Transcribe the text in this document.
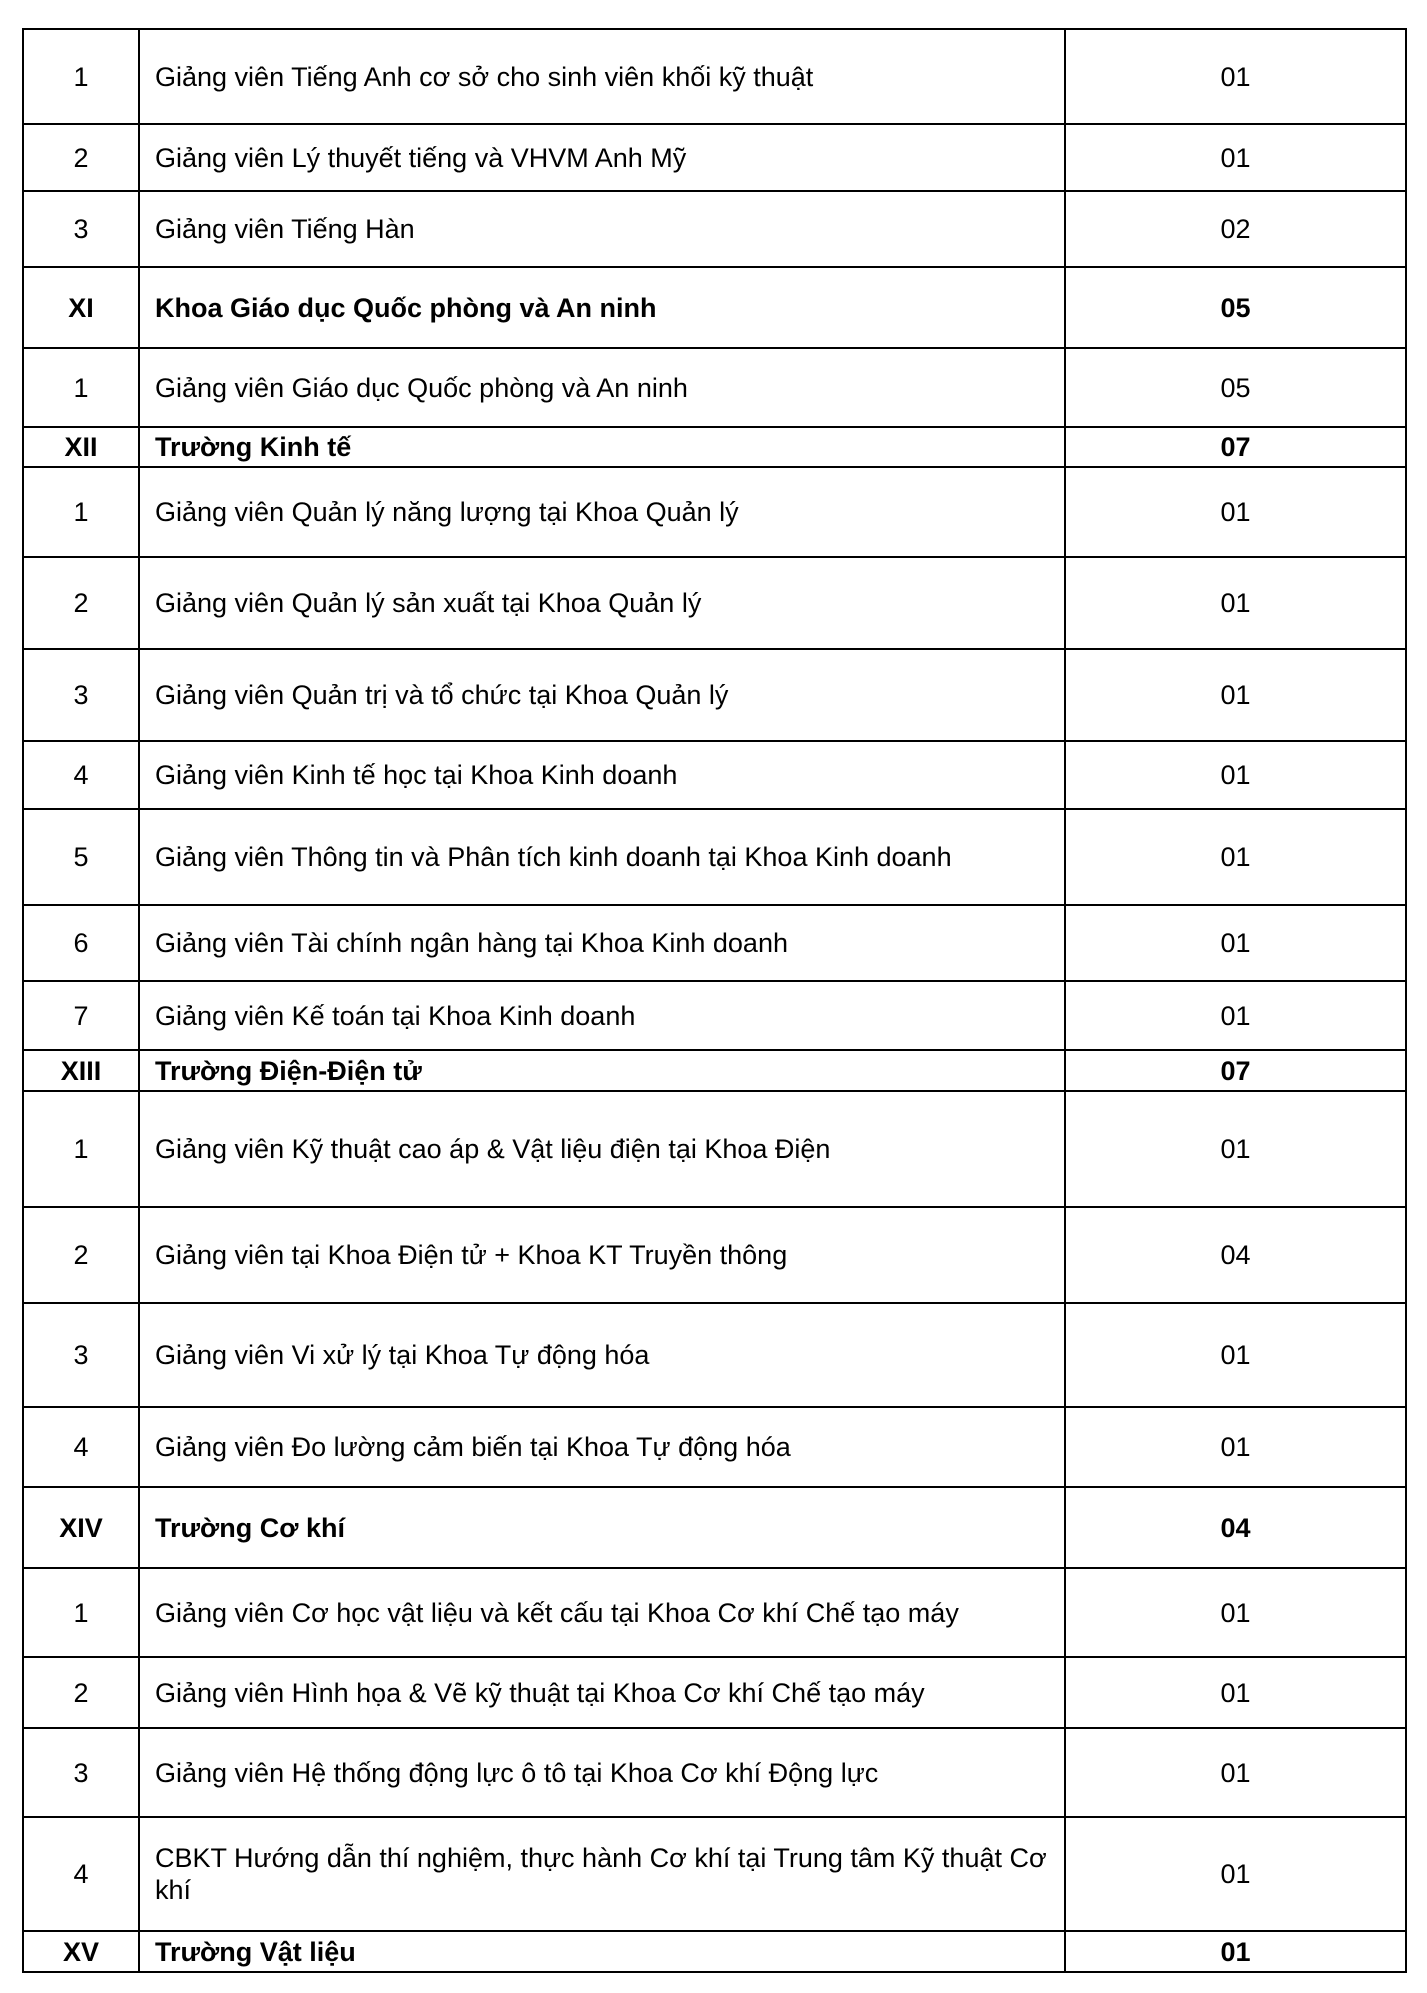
1	Giảng viên Tiếng Anh cơ sở cho sinh viên khối kỹ thuật	01
2	Giảng viên Lý thuyết tiếng và VHVM Anh Mỹ	01
3	Giảng viên Tiếng Hàn	02
XI	Khoa Giáo dục Quốc phòng và An ninh	05
1	Giảng viên Giáo dục Quốc phòng và An ninh	05
XII	Trường Kinh tế	07
1	Giảng viên Quản lý năng lượng tại Khoa Quản lý	01
2	Giảng viên Quản lý sản xuất tại Khoa Quản lý	01
3	Giảng viên Quản trị và tổ chức tại Khoa Quản lý	01
4	Giảng viên Kinh tế học tại Khoa Kinh doanh	01
5	Giảng viên Thông tin và Phân tích kinh doanh tại Khoa Kinh doanh	01
6	Giảng viên Tài chính ngân hàng tại Khoa Kinh doanh	01
7	Giảng viên Kế toán tại Khoa Kinh doanh	01
XIII	Trường Điện-Điện tử	07
1	Giảng viên Kỹ thuật cao áp & Vật liệu điện tại Khoa Điện	01
2	Giảng viên tại Khoa Điện tử + Khoa KT Truyền thông	04
3	Giảng viên Vi xử lý tại Khoa Tự động hóa	01
4	Giảng viên Đo lường cảm biến tại Khoa Tự động hóa	01
XIV	Trường Cơ khí	04
1	Giảng viên Cơ học vật liệu và kết cấu tại Khoa Cơ khí Chế tạo máy	01
2	Giảng viên Hình họa & Vẽ kỹ thuật tại Khoa Cơ khí Chế tạo máy	01
3	Giảng viên Hệ thống động lực ô tô tại Khoa Cơ khí Động lực	01
4	CBKT Hướng dẫn thí nghiệm, thực hành Cơ khí tại Trung tâm Kỹ thuật Cơ khí	01
XV	Trường Vật liệu	01
